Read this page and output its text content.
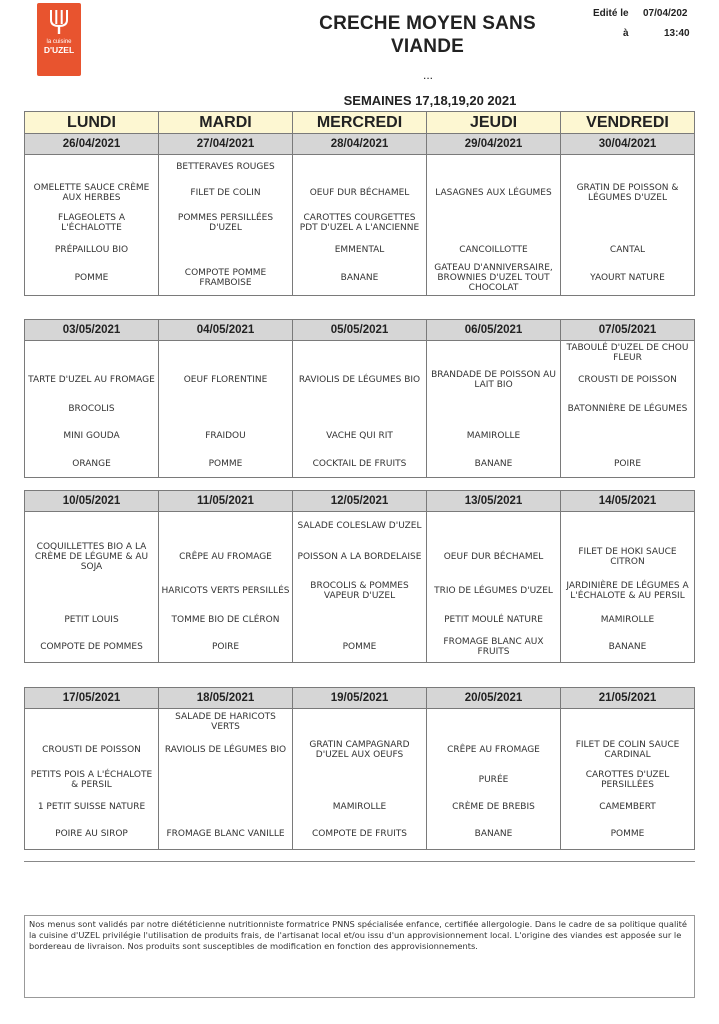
la cuisine
D'UZEL
CRECHE MOYEN SANS VIANDE
Edité le 07/04/202
à	13:40
...
SEMAINES 17,18,19,20 2021
LUNDI	MARDI	MERCREDI	JEUDI	VENDREDI
26/04/2021	27/04/2021	28/04/2021	29/04/2021	30/04/2021
	BETTERAVES ROUGES			
OMELETTE SAUCE CRÈME AUX HERBES	FILET DE COLIN	OEUF DUR BÉCHAMEL	LASAGNES AUX LÉGUMES	GRATIN DE POISSON & LÉGUMES D'UZEL
FLAGEOLETS A L'ÉCHALOTTE	POMMES PERSILLÉES D'UZEL	CAROTTES COURGETTES PDT D'UZEL A L'ANCIENNE		
PRÉPAILLOU BIO		EMMENTAL	CANCOILLOTTE	CANTAL
POMME	COMPOTE POMME FRAMBOISE	BANANE	GATEAU D'ANNIVERSAIRE, BROWNIES D'UZEL TOUT CHOCOLAT	YAOURT NATURE
03/05/2021	04/05/2021	05/05/2021	06/05/2021	07/05/2021
				TABOULÉ D'UZEL DE CHOU FLEUR
TARTE D'UZEL AU FROMAGE	OEUF FLORENTINE	RAVIOLIS DE LÉGUMES BIO	BRANDADE DE POISSON AU LAIT BIO	CROUSTI DE POISSON
BROCOLIS				BATONNIÈRE DE LÉGUMES
MINI GOUDA	FRAIDOU	VACHE QUI RIT	MAMIROLLE	
ORANGE	POMME	COCKTAIL DE FRUITS	BANANE	POIRE
10/05/2021	11/05/2021	12/05/2021	13/05/2021	14/05/2021
		SALADE COLESLAW D'UZEL		
COQUILLETTES BIO A LA CRÈME DE LÉGUME & AU SOJA	CRÊPE AU FROMAGE	POISSON A LA BORDELAISE	OEUF DUR BÉCHAMEL	FILET DE HOKI SAUCE CITRON
	HARICOTS VERTS PERSILLÉS	BROCOLIS & POMMES VAPEUR D'UZEL	TRIO DE LÉGUMES D'UZEL	JARDINIÈRE DE LÉGUMES A L'ÉCHALOTE & AU PERSIL
PETIT LOUIS	TOMME BIO DE CLÉRON		PETIT MOULÉ NATURE	MAMIROLLE
COMPOTE DE POMMES	POIRE	POMME	FROMAGE BLANC AUX FRUITS	BANANE
17/05/2021	18/05/2021	19/05/2021	20/05/2021	21/05/2021
	SALADE DE HARICOTS VERTS			
CROUSTI DE POISSON	RAVIOLIS DE LÉGUMES BIO	GRATIN CAMPAGNARD D'UZEL AUX OEUFS	CRÊPE AU FROMAGE	FILET DE COLIN SAUCE CARDINAL
PETITS POIS A L'ÉCHALOTE & PERSIL			PURÉE	CAROTTES D'UZEL PERSILLÉES
1 PETIT SUISSE NATURE		MAMIROLLE	CRÈME DE BREBIS	CAMEMBERT
POIRE AU SIROP	FROMAGE BLANC VANILLE	COMPOTE DE FRUITS	BANANE	POMME
Nos menus sont validés par notre diététicienne nutritionniste formatrice PNNS spécialisée enfance, certifiée allergologie. Dans le cadre de sa politique qualité la cuisine d'UZEL privilégie l'utilisation de produits frais, de l'artisanat local et/ou issu d'un approvisionnement local. L'origine des viandes est apposée sur le bordereau de livraison. Nos produits sont susceptibles de modification en fonction des approvisionnements.
